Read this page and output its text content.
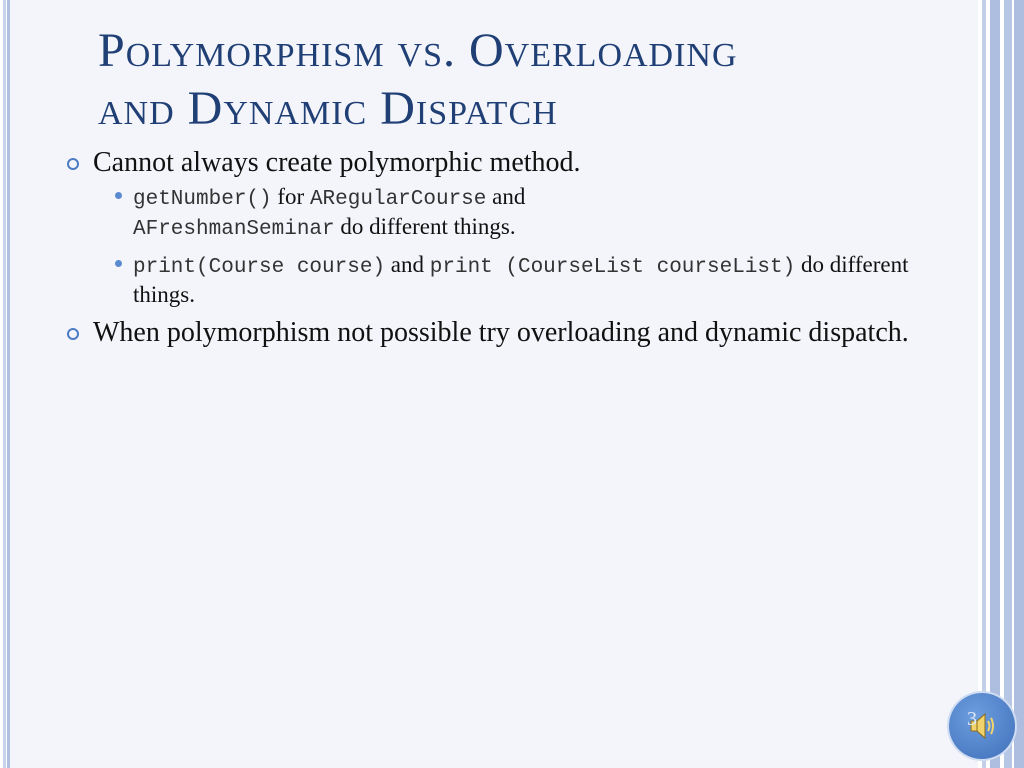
Polymorphism vs. Overloading
and Dynamic Dispatch
Cannot always create polymorphic method.
getNumber() for ARegularCourse and
AFreshmanSeminar do different things.
print(Course course) and print (CourseList courseList) do different things.
When polymorphism not possible try overloading and dynamic dispatch.
3
